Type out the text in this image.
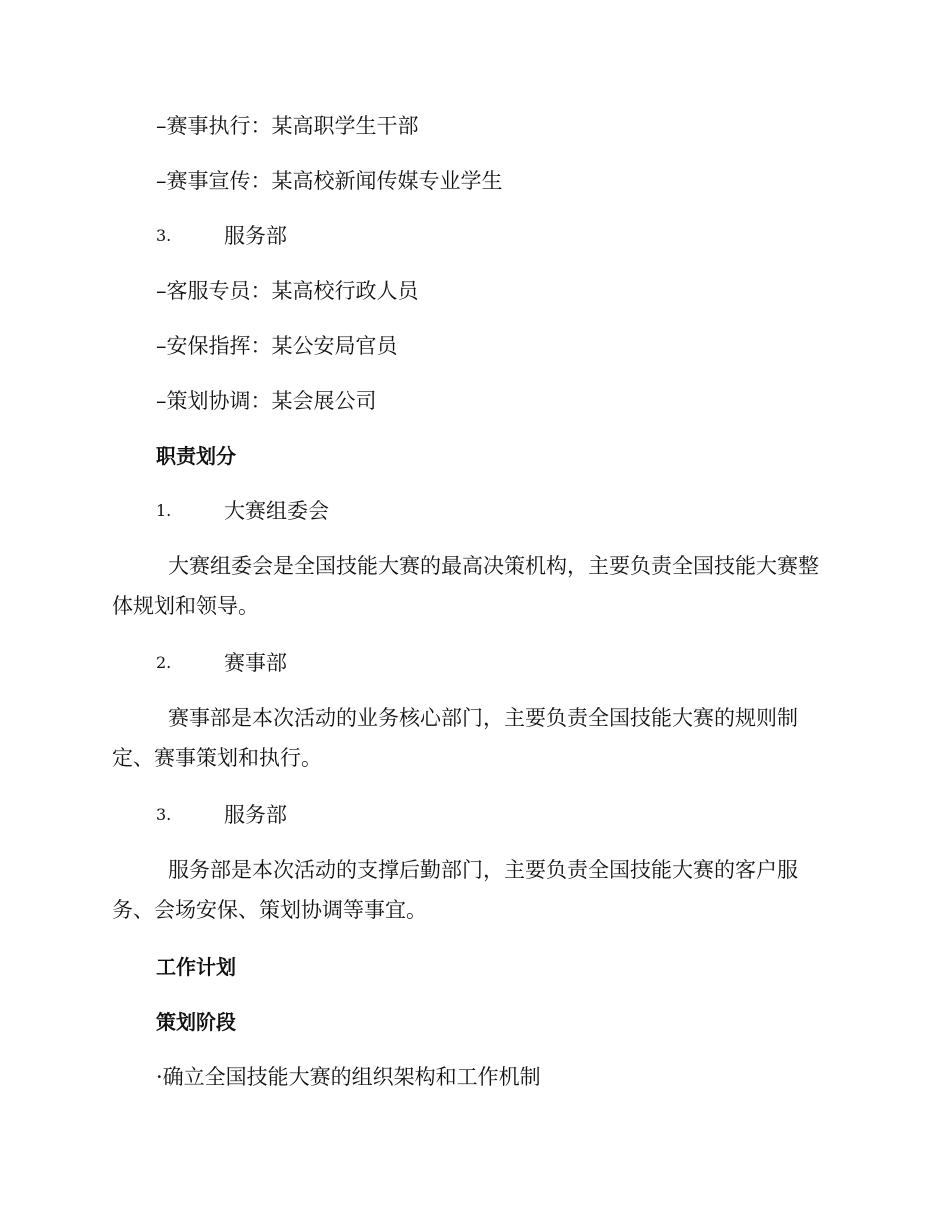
–赛事执行：某高职学生干部
–赛事宣传：某高校新闻传媒专业学生
3.	服务部
–客服专员：某高校行政人员
–安保指挥：某公安局官员
–策划协调：某会展公司
职责划分
1.	大赛组委会
大赛组委会是全国技能大赛的最高决策机构，主要负责全国技能大赛整体规划和领导。
2.	赛事部
赛事部是本次活动的业务核心部门，主要负责全国技能大赛的规则制定、赛事策划和执行。
3.	服务部
服务部是本次活动的支撑后勤部门，主要负责全国技能大赛的客户服务、会场安保、策划协调等事宜。
工作计划
策划阶段
·确立全国技能大赛的组织架构和工作机制
